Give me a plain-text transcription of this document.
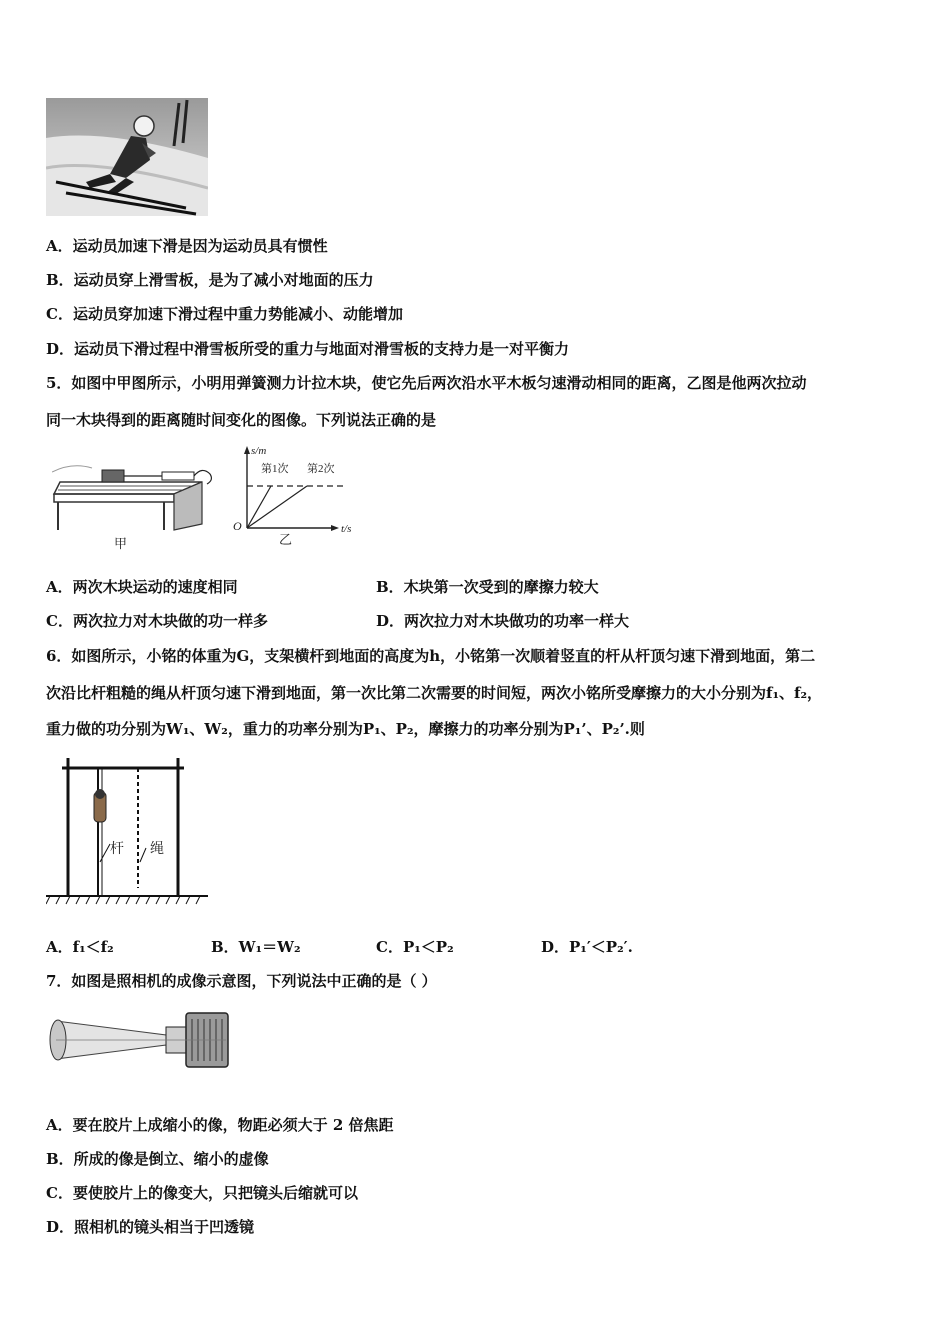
A．运动员加速下滑是因为运动员具有惯性
B．运动员穿上滑雪板，是为了减小对地面的压力
C．运动员穿加速下滑过程中重力势能减小、动能增加
D．运动员下滑过程中滑雪板所受的重力与地面对滑雪板的支持力是一对平衡力
5．如图中甲图所示，小明用弹簧测力计拉木块，使它先后两次沿水平木板匀速滑动相同的距离，乙图是他两次拉动
同一木块得到的距离随时间变化的图像。下列说法正确的是
甲
s/m
t/s
O
第1次 第2次
乙
A．两次木块运动的速度相同	B．木块第一次受到的摩擦力较大
C．两次拉力对木块做的功一样多	D．两次拉力对木块做功的功率一样大
6．如图所示，小铭的体重为G，支架横杆到地面的高度为h，小铭第一次顺着竖直的杆从杆顶匀速下滑到地面，第二
次沿比杆粗糙的绳从杆顶匀速下滑到地面，第一次比第二次需要的时间短，两次小铭所受摩擦力的大小分别为f₁、f₂，
重力做的功分别为W₁、W₂，重力的功率分别为P₁、P₂，摩擦力的功率分别为P₁’、P₂’.则
杆 绳
A．f₁＜f₂	B．W₁＝W₂	C．P₁＜P₂	D．P₁′＜P₂′.
7．如图是照相机的成像示意图，下列说法中正确的是（ ）
A．要在胶片上成缩小的像，物距必须大于 2 倍焦距
B．所成的像是倒立、缩小的虚像
C．要使胶片上的像变大，只把镜头后缩就可以
D．照相机的镜头相当于凹透镜
